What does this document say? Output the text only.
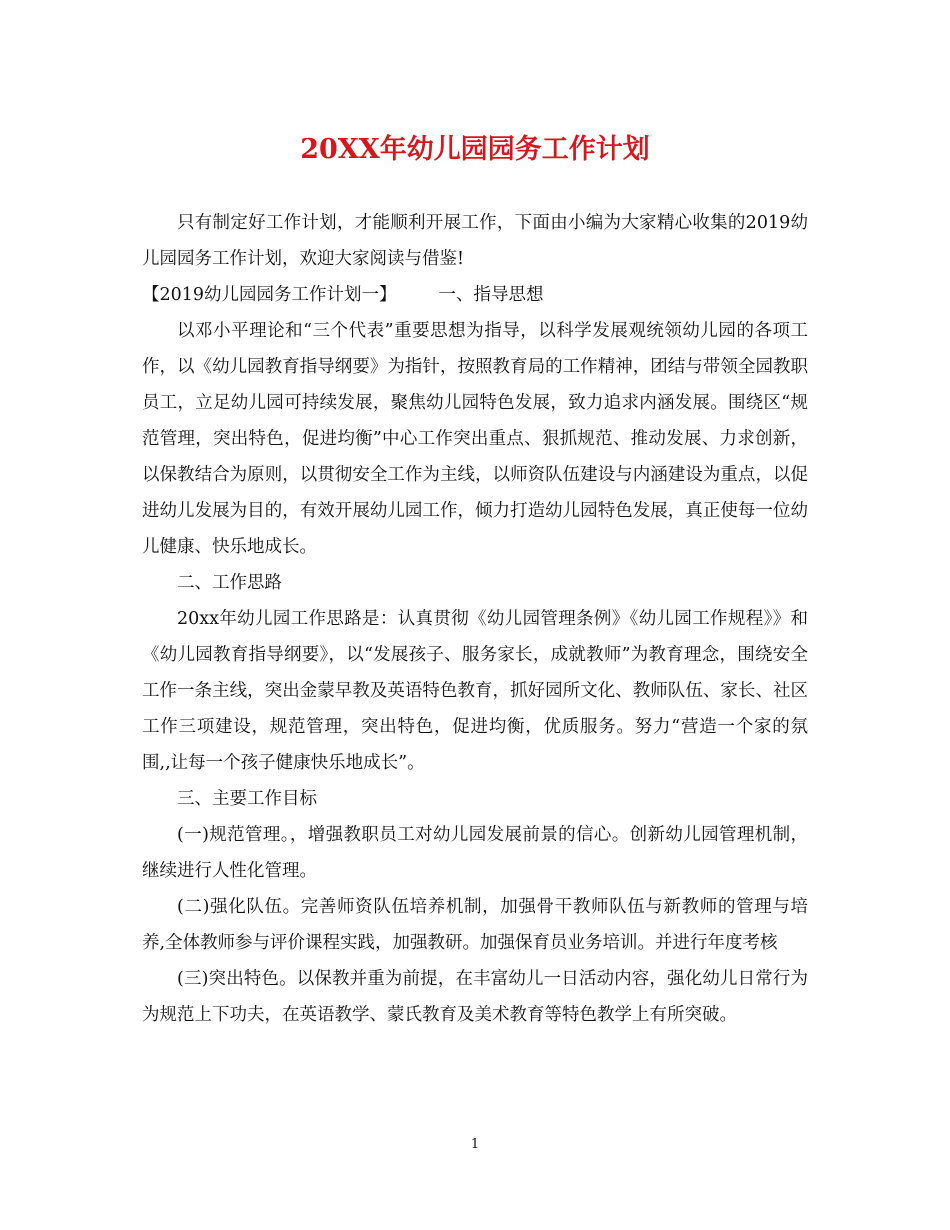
20XX年幼儿园园务工作计划

只有制定好工作计划，才能顺利开展工作，下面由小编为大家精心收集的2019幼儿园园务工作计划，欢迎大家阅读与借鉴!

【2019幼儿园园务工作计划一】 一、指导思想

以邓小平理论和“三个代表”重要思想为指导，以科学发展观统领幼儿园的各项工作，以《幼儿园教育指导纲要》为指针，按照教育局的工作精神，团结与带领全园教职员工，立足幼儿园可持续发展，聚焦幼儿园特色发展，致力追求内涵发展。围绕区“规范管理，突出特色，促进均衡”中心工作突出重点、狠抓规范、推动发展、力求创新，以保教结合为原则，以贯彻安全工作为主线，以师资队伍建设与内涵建设为重点，以促进幼儿发展为目的，有效开展幼儿园工作，倾力打造幼儿园特色发展，真正使每一位幼儿健康、快乐地成长。

二、工作思路

20xx年幼儿园工作思路是：认真贯彻《幼儿园管理条例》《幼儿园工作规程》》和《幼儿园教育指导纲要》，以“发展孩子、服务家长，成就教师”为教育理念，围绕安全工作一条主线，突出金蒙早教及英语特色教育，抓好园所文化、教师队伍、家长、社区工作三项建设，规范管理，突出特色，促进均衡，优质服务。努力“营造一个家的氛围,,让每一个孩子健康快乐地成长”。

三、主要工作目标

(一)规范管理。，增强教职员工对幼儿园发展前景的信心。创新幼儿园管理机制，继续进行人性化管理。

(二)强化队伍。完善师资队伍培养机制，加强骨干教师队伍与新教师的管理与培养,全体教师参与评价课程实践，加强教研。加强保育员业务培训。并进行年度考核

(三)突出特色。以保教并重为前提，在丰富幼儿一日活动内容，强化幼儿日常行为为规范上下功夫，在英语教学、蒙氏教育及美术教育等特色教学上有所突破。

1
